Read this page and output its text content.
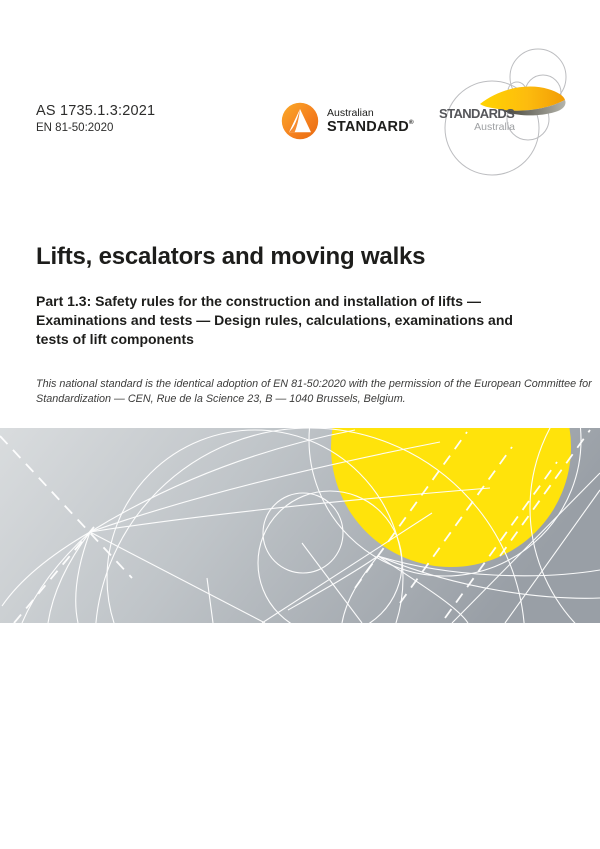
AS 1735.1.3:2021
EN 81-50:2020
Australian
STANDARD®
STANDARDS
Australia
Lifts, escalators and moving walks
Part 1.3: Safety rules for the construction and installation of lifts —
Examinations and tests — Design rules, calculations, examinations and
tests of lift components
This national standard is the identical adoption of EN 81-50:2020 with the permission of the European Committee for
Standardization — CEN, Rue de la Science 23, B — 1040 Brussels, Belgium.
